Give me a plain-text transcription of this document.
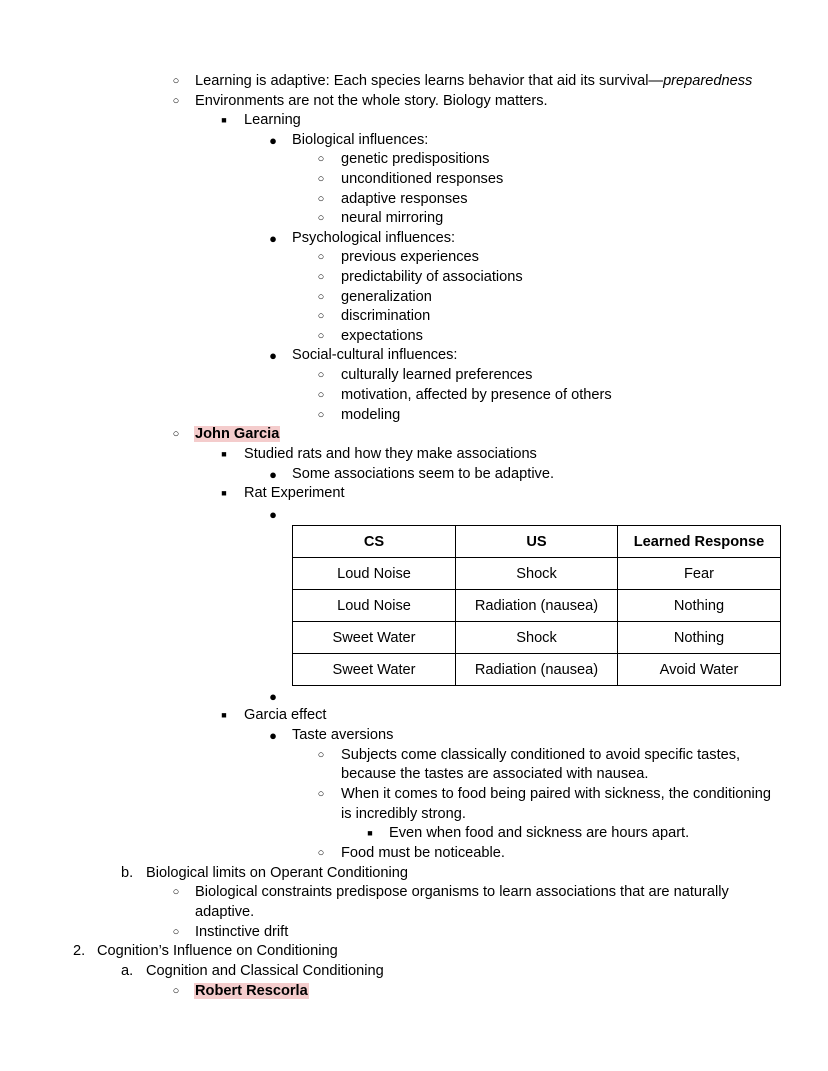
○	Learning is adaptive: Each species learns behavior that aid its survival—preparedness
○	Environments are not the whole story. Biology matters.
■	Learning
●	Biological influences:
○	genetic predispositions
○	unconditioned responses
○	adaptive responses
○	neural mirroring
●	Psychological influences:
○	previous experiences
○	predictability of associations
○	generalization
○	discrimination
○	expectations
●	Social-cultural influences:
○	culturally learned preferences
○	motivation, affected by presence of others
○	modeling
○	John Garcia
■	Studied rats and how they make associations
●	Some associations seem to be adaptive.
■	Rat Experiment
●
CS	US	Learned Response
Loud Noise	Shock	Fear
Loud Noise	Radiation (nausea)	Nothing
Sweet Water	Shock	Nothing
Sweet Water	Radiation (nausea)	Avoid Water
●
■	Garcia effect
●	Taste aversions
○	Subjects come classically conditioned to avoid specific tastes,
because the tastes are associated with nausea.
○	When it comes to food being paired with sickness, the conditioning
is incredibly strong.
■	Even when food and sickness are hours apart.
○	Food must be noticeable.
b. Biological limits on Operant Conditioning
○	Biological constraints predispose organisms to learn associations that are naturally
adaptive.
○	Instinctive drift
2. Cognition’s Influence on Conditioning
a. Cognition and Classical Conditioning
○	Robert Rescorla
